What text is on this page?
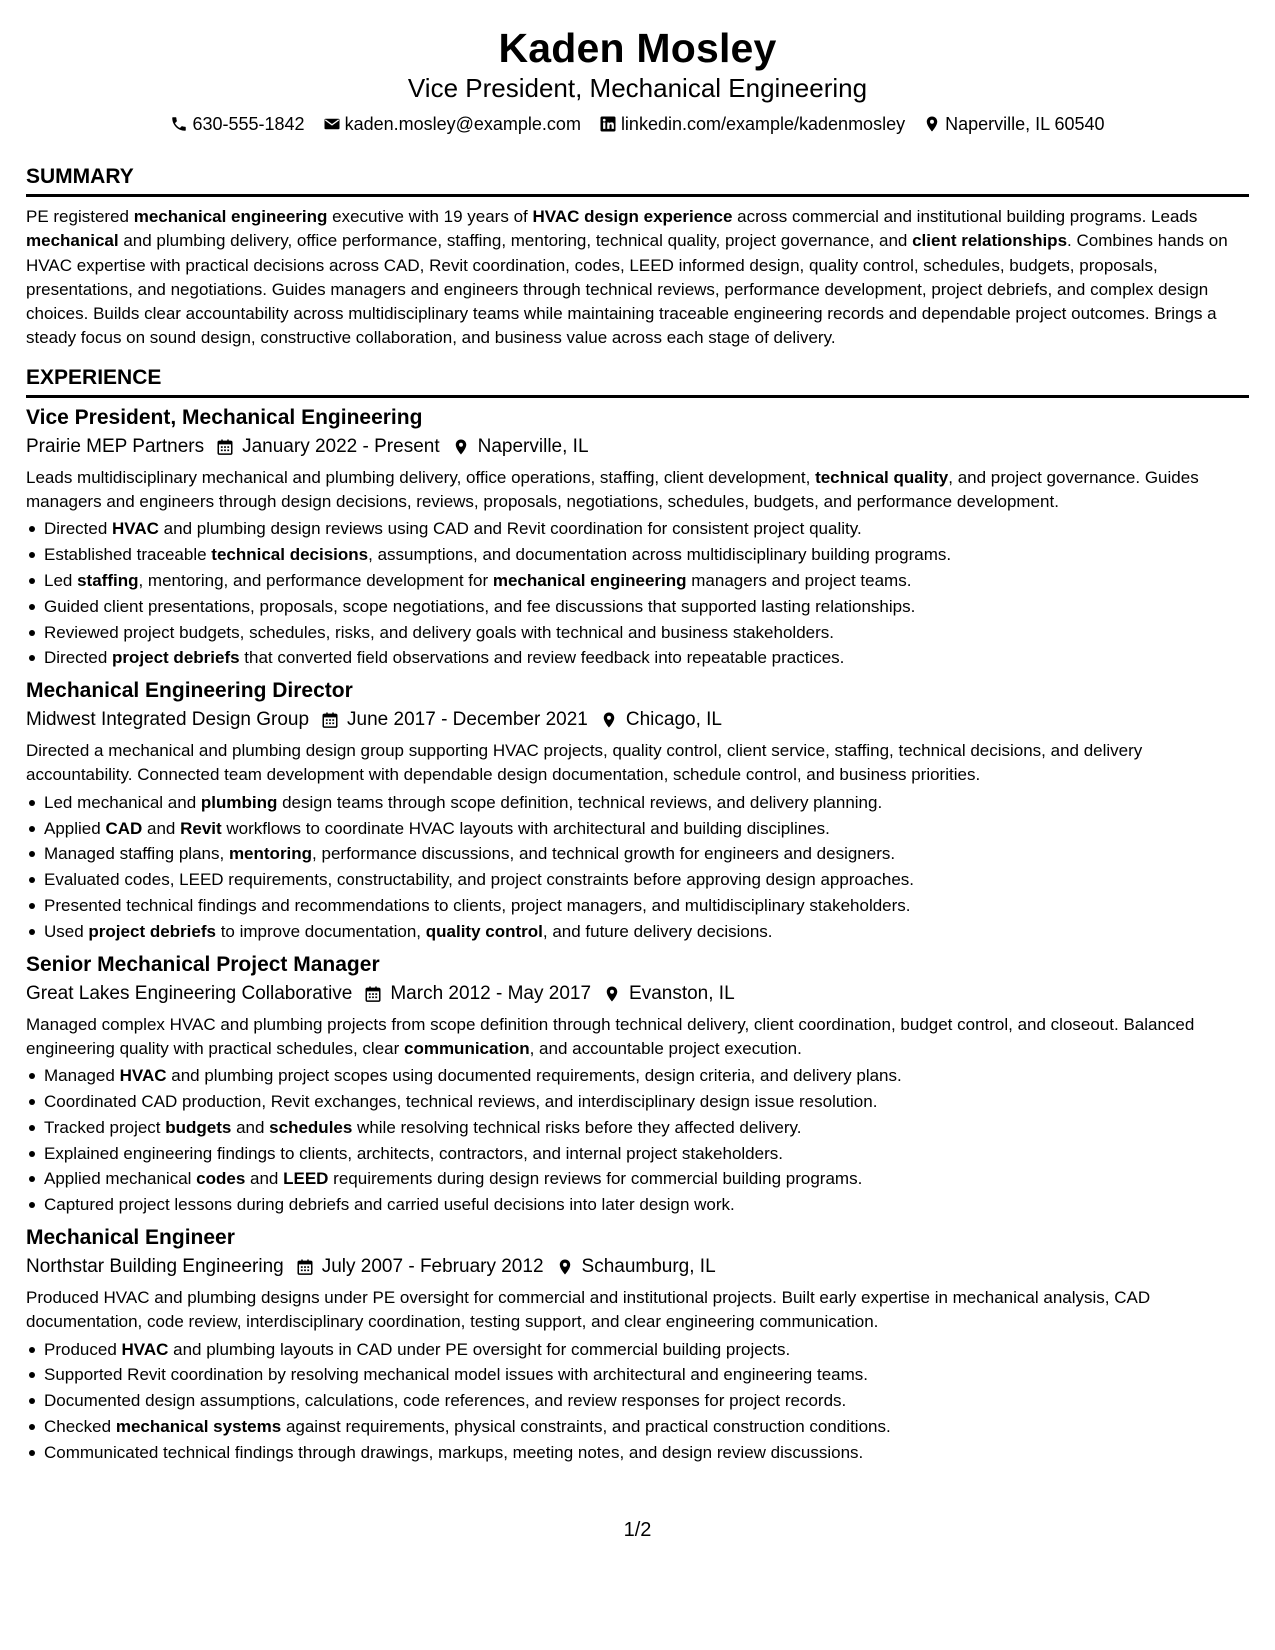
Kaden Mosley
Vice President, Mechanical Engineering
630-555-1842 kaden.mosley@example.com linkedin.com/example/kadenmosley Naperville, IL 60540
SUMMARY
PE registered mechanical engineering executive with 19 years of HVAC design experience across commercial and institutional building programs. Leads mechanical and plumbing delivery, office performance, staffing, mentoring, technical quality, project governance, and client relationships. Combines hands on HVAC expertise with practical decisions across CAD, Revit coordination, codes, LEED informed design, quality control, schedules, budgets, proposals, presentations, and negotiations. Guides managers and engineers through technical reviews, performance development, project debriefs, and complex design choices. Builds clear accountability across multidisciplinary teams while maintaining traceable engineering records and dependable project outcomes. Brings a steady focus on sound design, constructive collaboration, and business value across each stage of delivery.
EXPERIENCE
Vice President, Mechanical Engineering
Prairie MEP Partners January 2022 - Present Naperville, IL
Leads multidisciplinary mechanical and plumbing delivery, office operations, staffing, client development, technical quality, and project governance. Guides managers and engineers through design decisions, reviews, proposals, negotiations, schedules, budgets, and performance development.
Directed HVAC and plumbing design reviews using CAD and Revit coordination for consistent project quality.
Established traceable technical decisions, assumptions, and documentation across multidisciplinary building programs.
Led staffing, mentoring, and performance development for mechanical engineering managers and project teams.
Guided client presentations, proposals, scope negotiations, and fee discussions that supported lasting relationships.
Reviewed project budgets, schedules, risks, and delivery goals with technical and business stakeholders.
Directed project debriefs that converted field observations and review feedback into repeatable practices.
Mechanical Engineering Director
Midwest Integrated Design Group June 2017 - December 2021 Chicago, IL
Directed a mechanical and plumbing design group supporting HVAC projects, quality control, client service, staffing, technical decisions, and delivery accountability. Connected team development with dependable design documentation, schedule control, and business priorities.
Led mechanical and plumbing design teams through scope definition, technical reviews, and delivery planning.
Applied CAD and Revit workflows to coordinate HVAC layouts with architectural and building disciplines.
Managed staffing plans, mentoring, performance discussions, and technical growth for engineers and designers.
Evaluated codes, LEED requirements, constructability, and project constraints before approving design approaches.
Presented technical findings and recommendations to clients, project managers, and multidisciplinary stakeholders.
Used project debriefs to improve documentation, quality control, and future delivery decisions.
Senior Mechanical Project Manager
Great Lakes Engineering Collaborative March 2012 - May 2017 Evanston, IL
Managed complex HVAC and plumbing projects from scope definition through technical delivery, client coordination, budget control, and closeout. Balanced engineering quality with practical schedules, clear communication, and accountable project execution.
Managed HVAC and plumbing project scopes using documented requirements, design criteria, and delivery plans.
Coordinated CAD production, Revit exchanges, technical reviews, and interdisciplinary design issue resolution.
Tracked project budgets and schedules while resolving technical risks before they affected delivery.
Explained engineering findings to clients, architects, contractors, and internal project stakeholders.
Applied mechanical codes and LEED requirements during design reviews for commercial building programs.
Captured project lessons during debriefs and carried useful decisions into later design work.
Mechanical Engineer
Northstar Building Engineering July 2007 - February 2012 Schaumburg, IL
Produced HVAC and plumbing designs under PE oversight for commercial and institutional projects. Built early expertise in mechanical analysis, CAD documentation, code review, interdisciplinary coordination, testing support, and clear engineering communication.
Produced HVAC and plumbing layouts in CAD under PE oversight for commercial building projects.
Supported Revit coordination by resolving mechanical model issues with architectural and engineering teams.
Documented design assumptions, calculations, code references, and review responses for project records.
Checked mechanical systems against requirements, physical constraints, and practical construction conditions.
Communicated technical findings through drawings, markups, meeting notes, and design review discussions.
1/2
